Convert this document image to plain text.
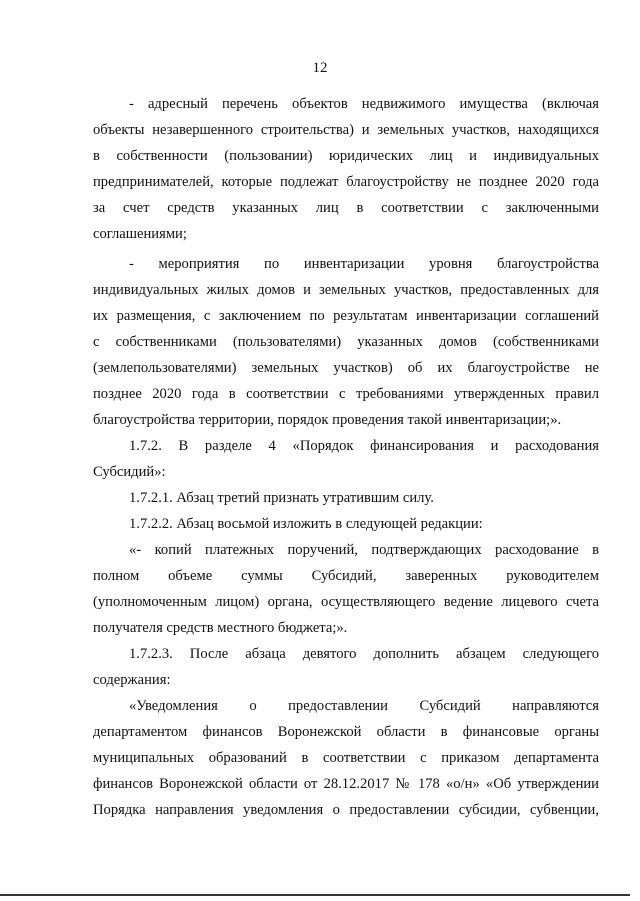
12
- адресный перечень объектов недвижимого имущества (включая
объекты незавершенного строительства) и земельных участков, находящихся
в собственности (пользовании) юридических лиц и индивидуальных
предпринимателей, которые подлежат благоустройству не позднее 2020 года
за счет средств указанных лиц в соответствии с заключенными
соглашениями;
- мероприятия по инвентаризации уровня благоустройства
индивидуальных жилых домов и земельных участков, предоставленных для
их размещения, с заключением по результатам инвентаризации соглашений
с собственниками (пользователями) указанных домов (собственниками
(землепользователями) земельных участков) об их благоустройстве не
позднее 2020 года в соответствии с требованиями утвержденных правил
благоустройства территории, порядок проведения такой инвентаризации;».
1.7.2. В разделе 4 «Порядок финансирования и расходования
Субсидий»:
1.7.2.1. Абзац третий признать утратившим силу.
1.7.2.2. Абзац восьмой изложить в следующей редакции:
«- копий платежных поручений, подтверждающих расходование в
полном объеме суммы Субсидий, заверенных руководителем
(уполномоченным лицом) органа, осуществляющего ведение лицевого счета
получателя средств местного бюджета;».
1.7.2.3. После абзаца девятого дополнить абзацем следующего
содержания:
«Уведомления о предоставлении Субсидий направляются
департаментом финансов Воронежской области в финансовые органы
муниципальных образований в соответствии с приказом департамента
финансов Воронежской области от 28.12.2017 № 178 «о/н» «Об утверждении
Порядка направления уведомления о предоставлении субсидии, субвенции,
